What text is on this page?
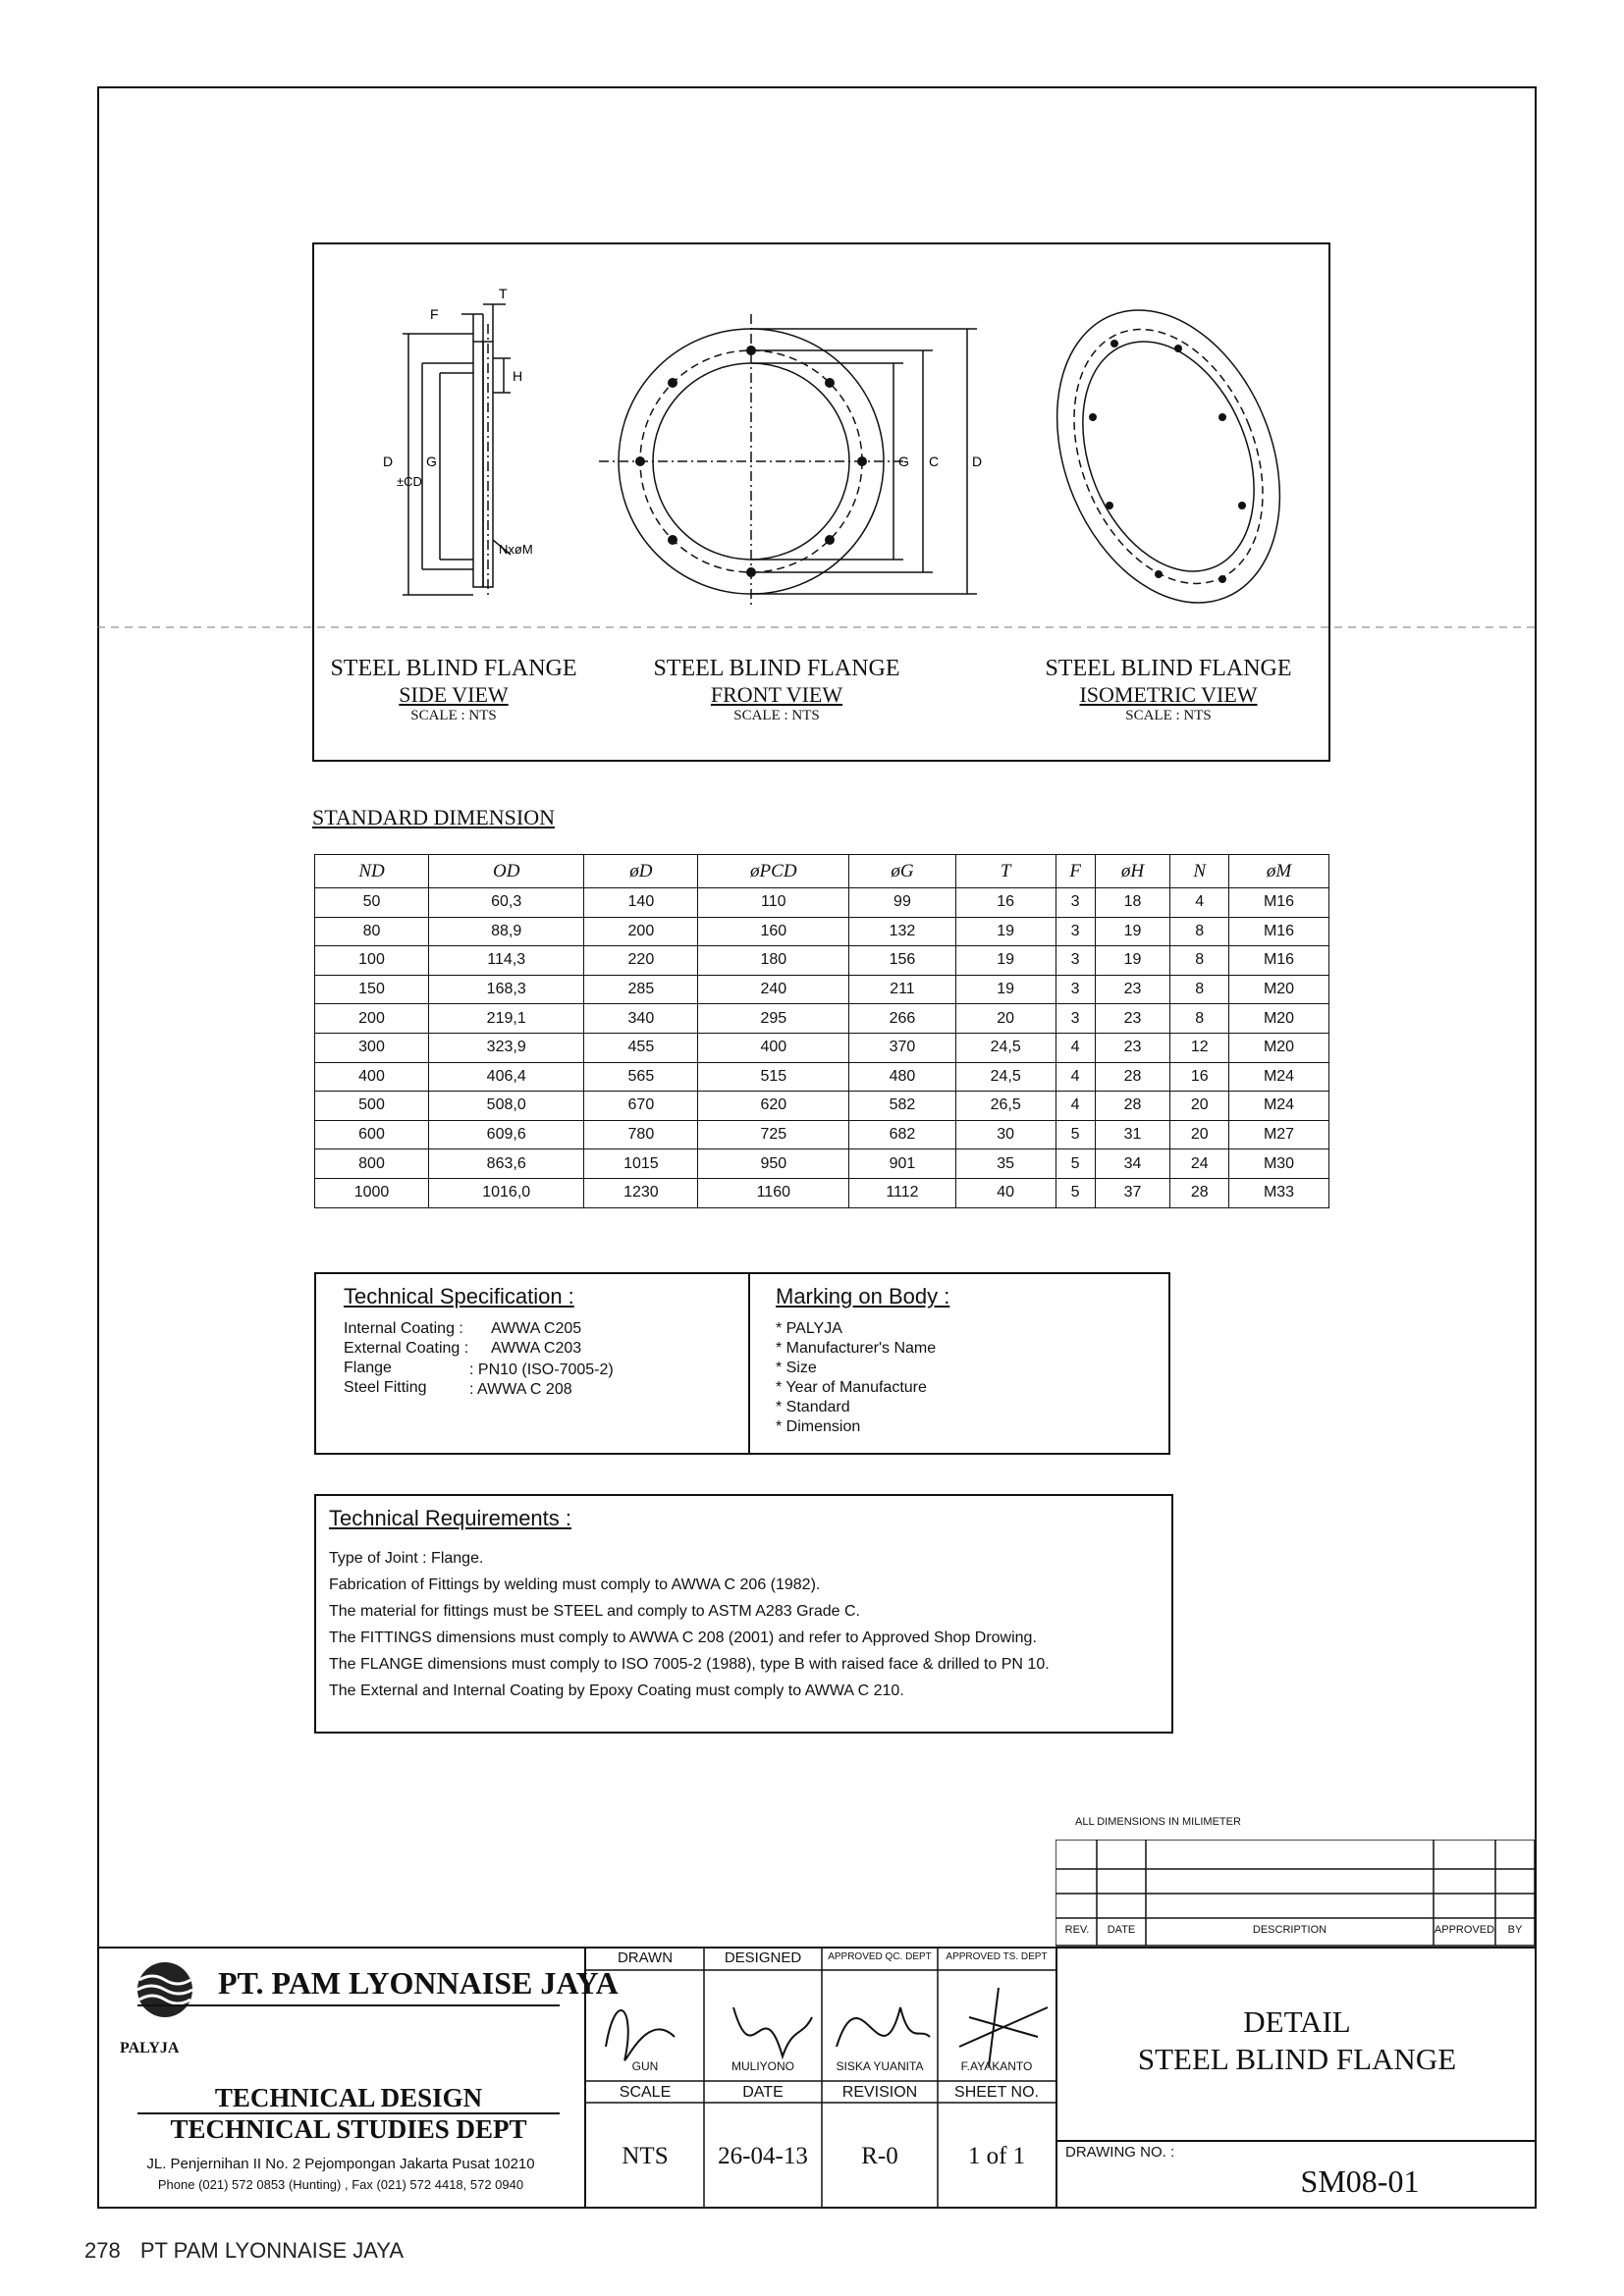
F
T
H
D
±CD
G
NxøM
G C D
STEEL BLIND FLANGE
SIDE VIEW
SCALE : NTS
STEEL BLIND FLANGE
FRONT VIEW
SCALE : NTS
STEEL BLIND FLANGE
ISOMETRIC VIEW
SCALE : NTS
STANDARD DIMENSION
ND	OD	øD	øPCD	øG	T	F	øH	N	øM
50	60,3	140	110	99	16	3	18	4	M16
80	88,9	200	160	132	19	3	19	8	M16
100	114,3	220	180	156	19	3	19	8	M16
150	168,3	285	240	211	19	3	23	8	M20
200	219,1	340	295	266	20	3	23	8	M20
300	323,9	455	400	370	24,5	4	23	12	M20
400	406,4	565	515	480	24,5	4	28	16	M24
500	508,0	670	620	582	26,5	4	28	20	M24
600	609,6	780	725	682	30	5	31	20	M27
800	863,6	1015	950	901	35	5	34	24	M30
1000	1016,0	1230	1160	1112	40	5	37	28	M33
Technical Specification :
Internal Coating : AWWA C205
External Coating : AWWA C203
Flange	: PN10 (ISO-7005-2)
Steel Fitting	: AWWA C 208
Marking on Body :
* PALYJA
* Manufacturer's Name
* Size
* Year of Manufacture
* Standard
* Dimension
Technical Requirements :
Type of Joint : Flange.
Fabrication of Fittings by welding must comply to AWWA C 206 (1982).
The material for fittings must be STEEL and comply to ASTM A283 Grade C.
The FITTINGS dimensions must comply to AWWA C 208 (2001) and refer to Approved Shop Drowing.
The FLANGE dimensions must comply to ISO 7005-2 (1988), type B with raised face & drilled to PN 10.
The External and Internal Coating by Epoxy Coating must comply to AWWA C 210.
ALL DIMENSIONS IN MILIMETER
REV.	DATE	DESCRIPTION	APPROVED	BY
PT. PAM LYONNAISE JAYA
PALYJA
TECHNICAL DESIGN
TECHNICAL STUDIES DEPT
JL. Penjernihan II No. 2 Pejompongan Jakarta Pusat 10210
Phone (021) 572 0853 (Hunting) , Fax (021) 572 4418, 572 0940
DRAWN	DESIGNED	APPROVED QC. DEPT	APPROVED TS. DEPT
GUN	MULIYONO	SISKA YUANITA	F.AYAKANTO
SCALE	DATE	REVISION	SHEET NO.
NTS	26-04-13	R-0	1 of 1
DETAIL
STEEL BLIND FLANGE
DRAWING NO. :
SM08-01
278 PT PAM LYONNAISE JAYA
